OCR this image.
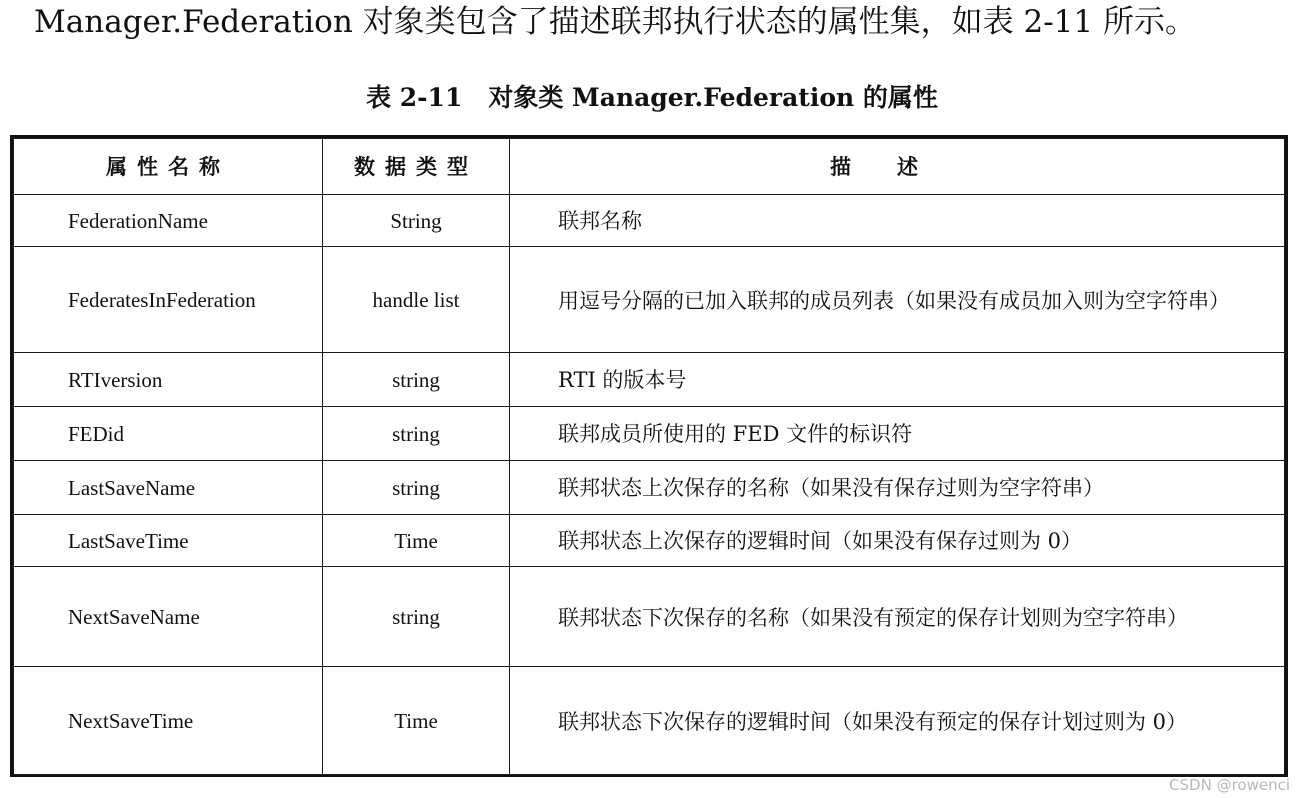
Manager.Federation 对象类包含了描述联邦执行状态的属性集，如表 2-11 所示。
表 2-11 对象类 Manager.Federation 的属性
属性名称	数据类型	描述
FederationName	String	联邦名称
FederatesInFederation	handle list	用逗号分隔的已加入联邦的成员列表（如果没有成员加入则为空字符串）
RTIversion	string	RTI 的版本号
FEDid	string	联邦成员所使用的 FED 文件的标识符
LastSaveName	string	联邦状态上次保存的名称（如果没有保存过则为空字符串）
LastSaveTime	Time	联邦状态上次保存的逻辑时间（如果没有保存过则为 0）
NextSaveName	string	联邦状态下次保存的名称（如果没有预定的保存计划则为空字符串）
NextSaveTime	Time	联邦状态下次保存的逻辑时间（如果没有预定的保存计划过则为 0）
CSDN @rowenci
